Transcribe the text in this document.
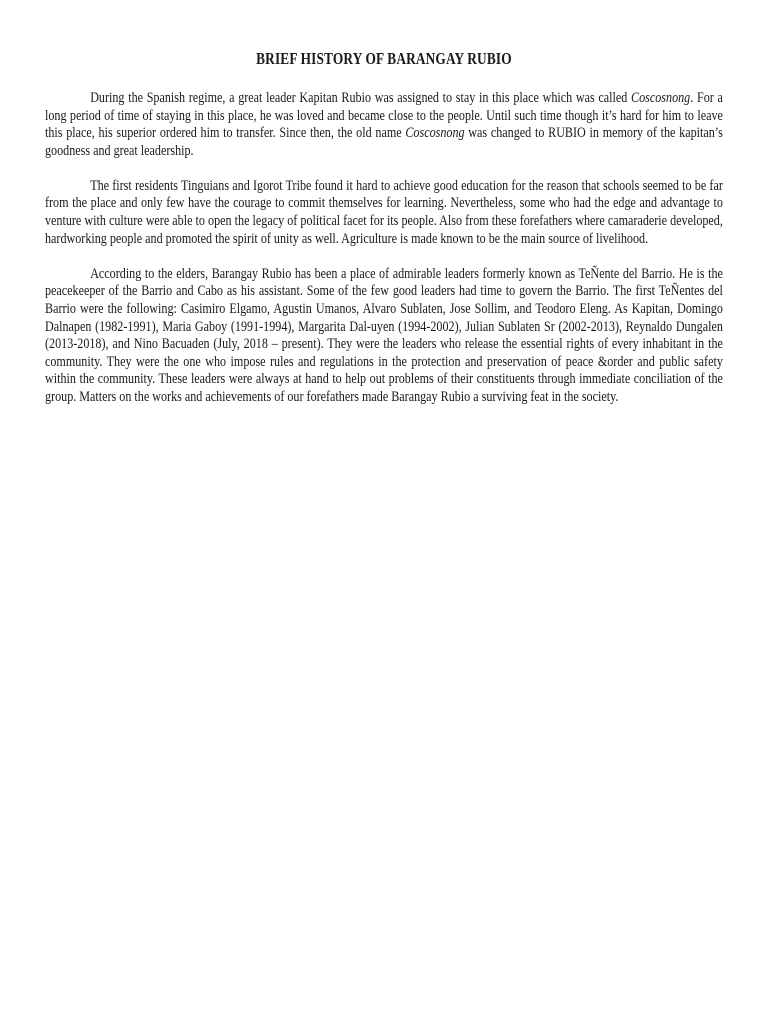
BRIEF HISTORY OF BARANGAY RUBIO

During the Spanish regime, a great leader Kapitan Rubio was assigned to stay in this place which was called Coscosnong. For a long period of time of staying in this place, he was loved and became close to the people. Until such time though it’s hard for him to leave this place, his superior ordered him to transfer. Since then, the old name Coscosnong was changed to RUBIO in memory of the kapitan’s goodness and great leadership.

The first residents Tinguians and Igorot Tribe found it hard to achieve good education for the reason that schools seemed to be far from the place and only few have the courage to commit themselves for learning. Nevertheless, some who had the edge and advantage to venture with culture were able to open the legacy of political facet for its people. Also from these forefathers where camaraderie developed, hardworking people and promoted the spirit of unity as well. Agriculture is made known to be the main source of livelihood.

According to the elders, Barangay Rubio has been a place of admirable leaders formerly known as TeÑente del Barrio. He is the peacekeeper of the Barrio and Cabo as his assistant. Some of the few good leaders had time to govern the Barrio. The first TeÑentes del Barrio were the following: Casimiro Elgamo, Agustin Umanos, Alvaro Sublaten, Jose Sollim, and Teodoro Eleng. As Kapitan, Domingo Dalnapen (1982-1991), Maria Gaboy (1991-1994), Margarita Dal-uyen (1994-2002), Julian Sublaten Sr (2002-2013), Reynaldo Dungalen (2013-2018), and Nino Bacuaden (July, 2018 – present). They were the leaders who release the essential rights of every inhabitant in the community. They were the one who impose rules and regulations in the protection and preservation of peace &order and public safety within the community. These leaders were always at hand to help out problems of their constituents through immediate conciliation of the group. Matters on the works and achievements of our forefathers made Barangay Rubio a surviving feat in the society.
